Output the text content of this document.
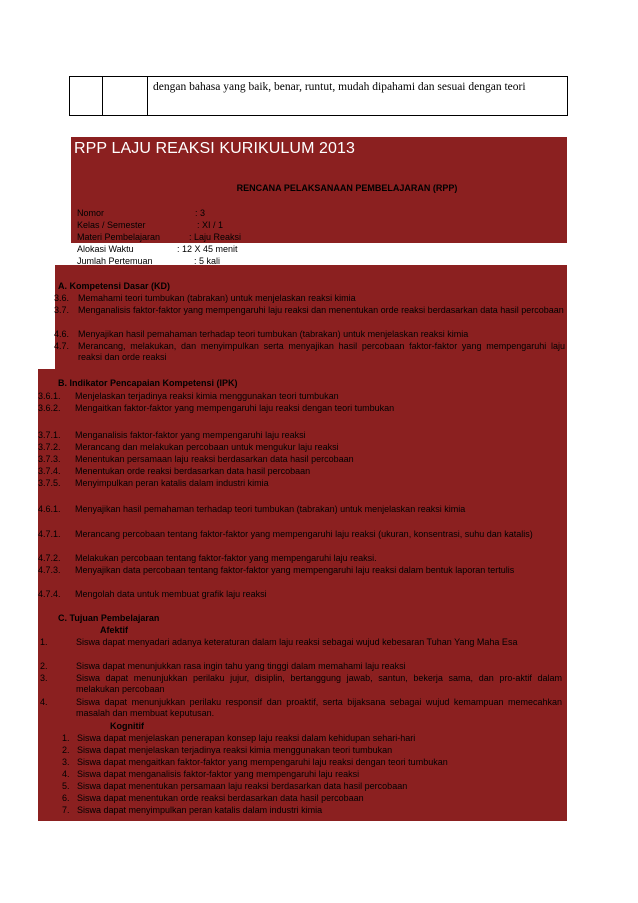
dengan bahasa yang baik, benar, runtut, mudah dipahami dan sesuai dengan teori
RPP LAJU REAKSI KURIKULUM 2013
RENCANA PELAKSANAAN PEMBELAJARAN (RPP)
Nomor	: 3
Kelas / Semester	: XI / 1
Materi Pembelajaran	: Laju Reaksi
Alokasi Waktu	: 12 X 45 menit
Jumlah Pertemuan	: 5 kali
A. Kompetensi Dasar (KD)
3.6. Memahami teori tumbukan (tabrakan) untuk menjelaskan reaksi kimia
3.7. Menganalisis faktor-faktor yang mempengaruhi laju reaksi dan menentukan orde reaksi berdasarkan data hasil percobaan
4.6. Menyajikan hasil pemahaman terhadap teori tumbukan (tabrakan) untuk menjelaskan reaksi kimia
4.7. Merancang, melakukan, dan menyimpulkan serta menyajikan hasil percobaan faktor-faktor yang mempengaruhi laju reaksi dan orde reaksi
B. Indikator Pencapaian Kompetensi (IPK)
3.6.1. Menjelaskan terjadinya reaksi kimia menggunakan teori tumbukan
3.6.2. Mengaitkan faktor-faktor yang mempengaruhi laju reaksi dengan teori tumbukan
3.7.1. Menganalisis faktor-faktor yang mempengaruhi laju reaksi
3.7.2. Merancang dan melakukan percobaan untuk mengukur laju reaksi
3.7.3. Menentukan persamaan laju reaksi berdasarkan data hasil percobaan
3.7.4. Menentukan orde reaksi berdasarkan data hasil percobaan
3.7.5. Menyimpulkan peran katalis dalam industri kimia
4.6.1. Menyajikan hasil pemahaman terhadap teori tumbukan (tabrakan) untuk menjelaskan reaksi kimia
4.7.1. Merancang percobaan tentang faktor-faktor yang mempengaruhi laju reaksi (ukuran, konsentrasi, suhu dan katalis)
4.7.2. Melakukan percobaan tentang faktor-faktor yang mempengaruhi laju reaksi.
4.7.3. Menyajikan data percobaan tentang faktor-faktor yang mempengaruhi laju reaksi dalam bentuk laporan tertulis
4.7.4. Mengolah data untuk membuat grafik laju reaksi
C. Tujuan Pembelajaran
Afektif
1.	Siswa dapat menyadari adanya keteraturan dalam laju reaksi sebagai wujud kebesaran Tuhan Yang Maha Esa
2.	Siswa dapat menunjukkan rasa ingin tahu yang tinggi dalam memahami laju reaksi
3.	Siswa dapat menunjukkan perilaku jujur, disiplin, bertanggung jawab, santun, bekerja sama, dan pro-aktif dalam melakukan percobaan
4.	Siswa dapat menunjukkan perilaku responsif dan proaktif, serta bijaksana sebagai wujud kemampuan memecahkan masalah dan membuat keputusan.
Kognitif
1. Siswa dapat menjelaskan penerapan konsep laju reaksi dalam kehidupan sehari-hari
2. Siswa dapat menjelaskan terjadinya reaksi kimia menggunakan teori tumbukan
3. Siswa dapat mengaitkan faktor-faktor yang mempengaruhi laju reaksi dengan teori tumbukan
4. Siswa dapat menganalisis faktor-faktor yang mempengaruhi laju reaksi
5. Siswa dapat menentukan persamaan laju reaksi berdasarkan data hasil percobaan
6. Siswa dapat menentukan orde reaksi berdasarkan data hasil percobaan
7. Siswa dapat menyimpulkan peran katalis dalam industri kimia
